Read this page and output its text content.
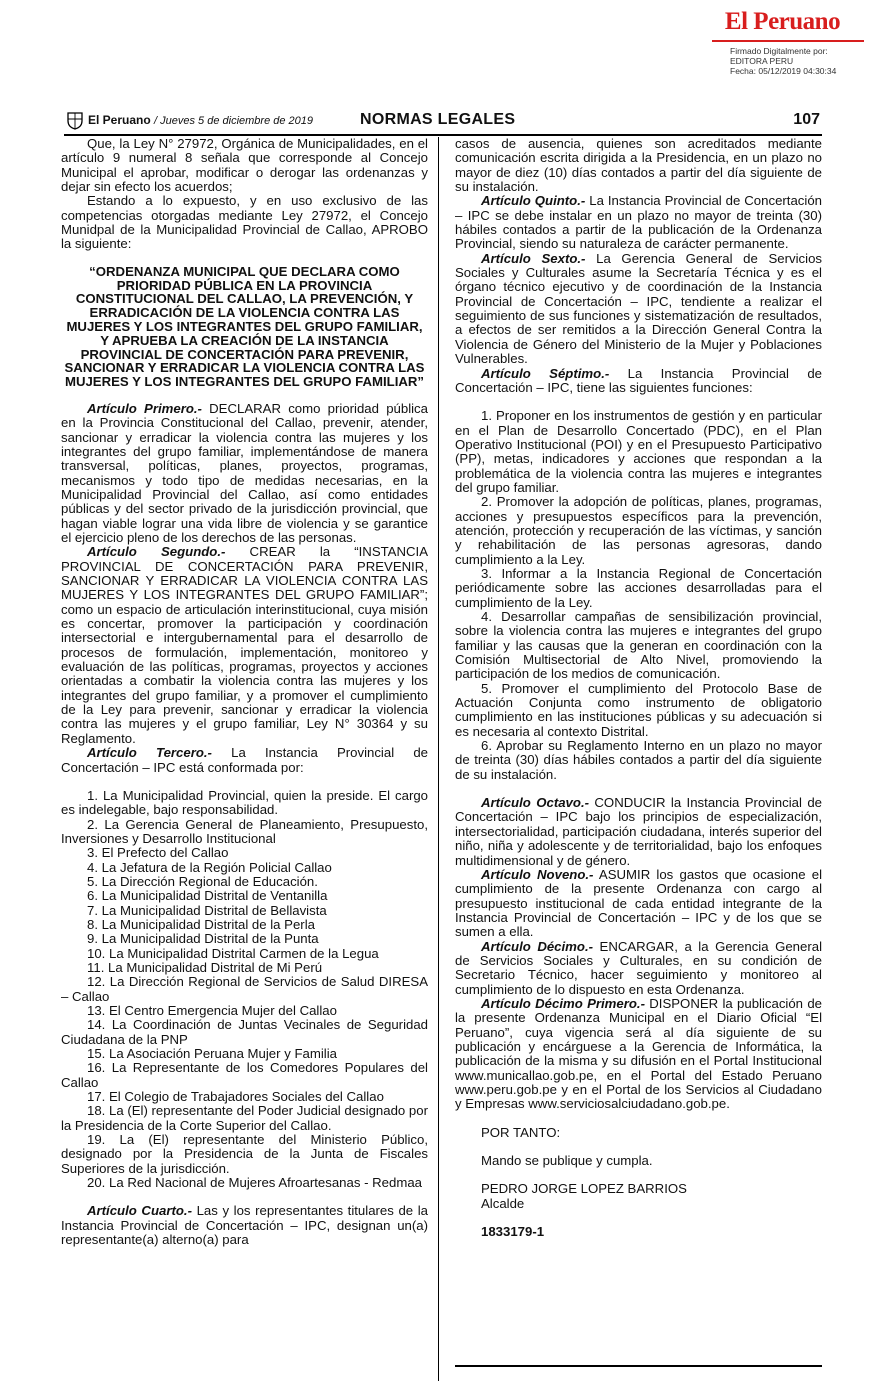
El Peruano
Firmado Digitalmente por:
EDITORA PERU
Fecha: 05/12/2019 04:30:34
El Peruano / Jueves 5 de diciembre de 2019	NORMAS LEGALES	107

Que, la Ley N° 27972, Orgánica de Municipalidades, en el artículo 9 numeral 8 señala que corresponde al Concejo Municipal el aprobar, modificar o derogar las ordenanzas y dejar sin efecto los acuerdos;

Estando a lo expuesto, y en uso exclusivo de las competencias otorgadas mediante Ley 27972, el Concejo Munidpal de la Municipalidad Provincial de Callao, APROBO la siguiente:

“ORDENANZA MUNICIPAL QUE DECLARA COMO PRIORIDAD PÚBLICA EN LA PROVINCIA CONSTITUCIONAL DEL CALLAO, LA PREVENCIÓN, Y ERRADICACIÓN DE LA VIOLENCIA CONTRA LAS MUJERES Y LOS INTEGRANTES DEL GRUPO FAMILIAR, Y APRUEBA LA CREACIÓN DE LA INSTANCIA PROVINCIAL DE CONCERTACIÓN PARA PREVENIR, SANCIONAR Y ERRADICAR LA VIOLENCIA CONTRA LAS MUJERES Y LOS INTEGRANTES DEL GRUPO FAMILIAR”

Artículo Primero.- DECLARAR como prioridad pública en la Provincia Constitucional del Callao, prevenir, atender, sancionar y erradicar la violencia contra las mujeres y los integrantes del grupo familiar, implementándose de manera transversal, políticas, planes, proyectos, programas, mecanismos y todo tipo de medidas necesarias, en la Municipalidad Provincial del Callao, así como entidades públicas y del sector privado de la jurisdicción provincial, que hagan viable lograr una vida libre de violencia y se garantice el ejercicio pleno de los derechos de las personas.

Artículo Segundo.- CREAR la “INSTANCIA PROVINCIAL DE CONCERTACIÓN PARA PREVENIR, SANCIONAR Y ERRADICAR LA VIOLENCIA CONTRA LAS MUJERES Y LOS INTEGRANTES DEL GRUPO FAMILIAR”; como un espacio de articulación interinstitucional, cuya misión es concertar, promover la participación y coordinación intersectorial e intergubernamental para el desarrollo de procesos de formulación, implementación, monitoreo y evaluación de las políticas, programas, proyectos y acciones orientadas a combatir la violencia contra las mujeres y los integrantes del grupo familiar, y a promover el cumplimiento de la Ley para prevenir, sancionar y erradicar la violencia contra las mujeres y el grupo familiar, Ley N° 30364 y su Reglamento.

Artículo Tercero.- La Instancia Provincial de Concertación – IPC está conformada por:

1. La Municipalidad Provincial, quien la preside. El cargo es indelegable, bajo responsabilidad.

2. La Gerencia General de Planeamiento, Presupuesto, Inversiones y Desarrollo Institucional

3. El Prefecto del Callao

4. La Jefatura de la Región Policial Callao

5. La Dirección Regional de Educación.

6. La Municipalidad Distrital de Ventanilla

7. La Municipalidad Distrital de Bellavista

8. La Municipalidad Distrital de la Perla

9. La Municipalidad Distrital de la Punta

10. La Municipalidad Distrital Carmen de la Legua

11. La Municipalidad Distrital de Mi Perú

12. La Dirección Regional de Servicios de Salud DIRESA – Callao

13. El Centro Emergencia Mujer del Callao

14. La Coordinación de Juntas Vecinales de Seguridad Ciudadana de la PNP

15. La Asociación Peruana Mujer y Familia

16. La Representante de los Comedores Populares del Callao

17. El Colegio de Trabajadores Sociales del Callao

18. La (El) representante del Poder Judicial designado por la Presidencia de la Corte Superior del Callao.

19. La (El) representante del Ministerio Público, designado por la Presidencia de la Junta de Fiscales Superiores de la jurisdicción.

20. La Red Nacional de Mujeres Afroartesanas - Redmaa

Artículo Cuarto.- Las y los representantes titulares de la Instancia Provincial de Concertación – IPC, designan un(a) representante(a) alterno(a) para

casos de ausencia, quienes son acreditados mediante comunicación escrita dirigida a la Presidencia, en un plazo no mayor de diez (10) días contados a partir del día siguiente de su instalación.

Artículo Quinto.- La Instancia Provincial de Concertación – IPC se debe instalar en un plazo no mayor de treinta (30) hábiles contados a partir de la publicación de la Ordenanza Provincial, siendo su naturaleza de carácter permanente.

Artículo Sexto.- La Gerencia General de Servicios Sociales y Culturales asume la Secretaría Técnica y es el órgano técnico ejecutivo y de coordinación de la Instancia Provincial de Concertación – IPC, tendiente a realizar el seguimiento de sus funciones y sistematización de resultados, a efectos de ser remitidos a la Dirección General Contra la Violencia de Género del Ministerio de la Mujer y Poblaciones Vulnerables.

Artículo Séptimo.- La Instancia Provincial de Concertación – IPC, tiene las siguientes funciones:

1. Proponer en los instrumentos de gestión y en particular en el Plan de Desarrollo Concertado (PDC), en el Plan Operativo Institucional (POI) y en el Presupuesto Participativo (PP), metas, indicadores y acciones que respondan a la problemática de la violencia contra las mujeres e integrantes del grupo familiar.

2. Promover la adopción de políticas, planes, programas, acciones y presupuestos específicos para la prevención, atención, protección y recuperación de las víctimas, y sanción y rehabilitación de las personas agresoras, dando cumplimiento a la Ley.

3. Informar a la Instancia Regional de Concertación periódicamente sobre las acciones desarrolladas para el cumplimiento de la Ley.

4. Desarrollar campañas de sensibilización provincial, sobre la violencia contra las mujeres e integrantes del grupo familiar y las causas que la generan en coordinación con la Comisión Multisectorial de Alto Nivel, promoviendo la participación de los medios de comunicación.

5. Promover el cumplimiento del Protocolo Base de Actuación Conjunta como instrumento de obligatorio cumplimiento en las instituciones públicas y su adecuación si es necesaria al contexto Distrital.

6. Aprobar su Reglamento Interno en un plazo no mayor de treinta (30) días hábiles contados a partir del día siguiente de su instalación.

Artículo Octavo.- CONDUCIR la Instancia Provincial de Concertación – IPC bajo los principios de especialización, intersectorialidad, participación ciudadana, interés superior del niño, niña y adolescente y de territorialidad, bajo los enfoques multidimensional y de género.

Artículo Noveno.- ASUMIR los gastos que ocasione el cumplimiento de la presente Ordenanza con cargo al presupuesto institucional de cada entidad integrante de la Instancia Provincial de Concertación – IPC y de los que se sumen a ella.

Artículo Décimo.- ENCARGAR, a la Gerencia General de Servicios Sociales y Culturales, en su condición de Secretario Técnico, hacer seguimiento y monitoreo al cumplimiento de lo dispuesto en esta Ordenanza.

Artículo Décimo Primero.- DISPONER la publicación de la presente Ordenanza Municipal en el Diario Oficial “El Peruano”, cuya vigencia será al día siguiente de su publicación y encárguese a la Gerencia de Informática, la publicación de la misma y su difusión en el Portal Institucional www.municallao.gob.pe, en el Portal del Estado Peruano www.peru.gob.pe y en el Portal de los Servicios al Ciudadano y Empresas www.serviciosalciudadano.gob.pe.

POR TANTO:

Mando se publique y cumpla.

PEDRO JORGE LOPEZ BARRIOS

Alcalde

1833179-1
